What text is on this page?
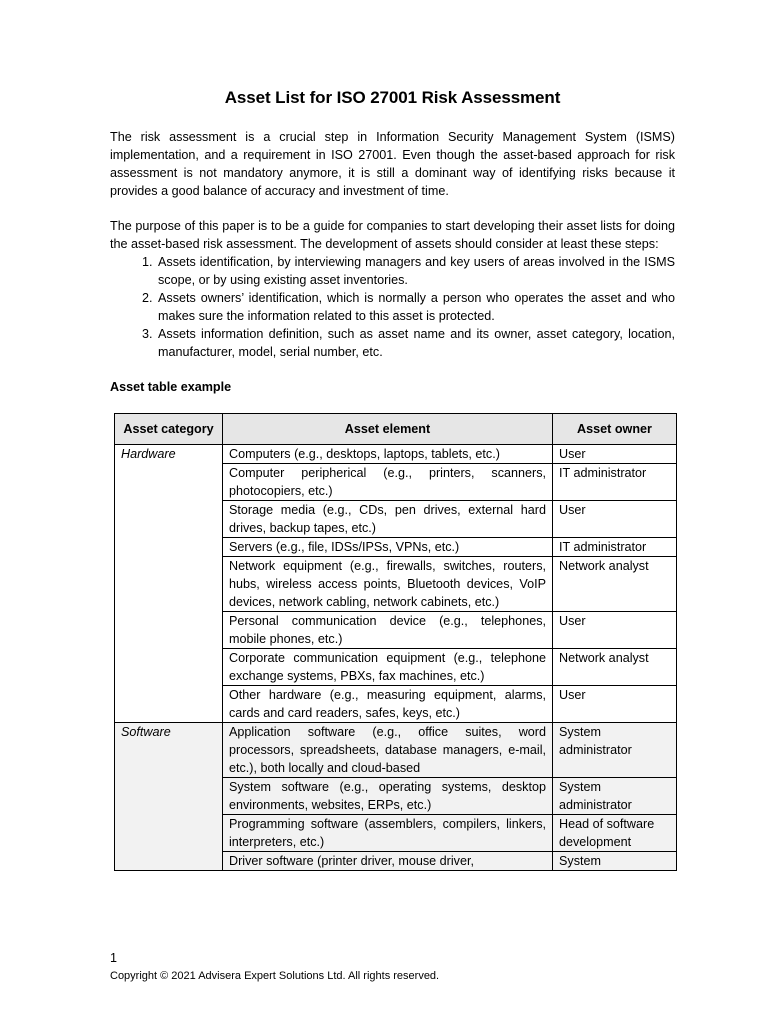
Asset List for ISO 27001 Risk Assessment

The risk assessment is a crucial step in Information Security Management System (ISMS) implementation, and a requirement in ISO 27001. Even though the asset-based approach for risk assessment is not mandatory anymore, it is still a dominant way of identifying risks because it provides a good balance of accuracy and investment of time.

The purpose of this paper is to be a guide for companies to start developing their asset lists for doing the asset-based risk assessment. The development of assets should consider at least these steps:

1. Assets identification, by interviewing managers and key users of areas involved in the ISMS scope, or by using existing asset inventories.
2. Assets owners’ identification, which is normally a person who operates the asset and who makes sure the information related to this asset is protected.
3. Assets information definition, such as asset name and its owner, asset category, location, manufacturer, model, serial number, etc.
Asset table example
Asset category	Asset element	Asset owner
Hardware	Computers (e.g., desktops, laptops, tablets, etc.)	User
	Computer peripherical (e.g., printers, scanners, photocopiers, etc.)	IT administrator
	Storage media (e.g., CDs, pen drives, external hard drives, backup tapes, etc.)	User
	Servers (e.g., file, IDSs/IPSs, VPNs, etc.)	IT administrator
	Network equipment (e.g., firewalls, switches, routers, hubs, wireless access points, Bluetooth devices, VoIP devices, network cabling, network cabinets, etc.)	Network analyst
	Personal communication device (e.g., telephones, mobile phones, etc.)	User
	Corporate communication equipment (e.g., telephone exchange systems, PBXs, fax machines, etc.)	Network analyst
	Other hardware (e.g., measuring equipment, alarms, cards and card readers, safes, keys, etc.)	User
Software	Application software (e.g., office suites, word processors, spreadsheets, database managers, e-mail, etc.), both locally and cloud-based	System administrator
	System software (e.g., operating systems, desktop environments, websites, ERPs, etc.)	System administrator
	Programming software (assemblers, compilers, linkers, interpreters, etc.)	Head of software development
	Driver software (printer driver, mouse driver,	System
1
Copyright © 2021 Advisera Expert Solutions Ltd. All rights reserved.
